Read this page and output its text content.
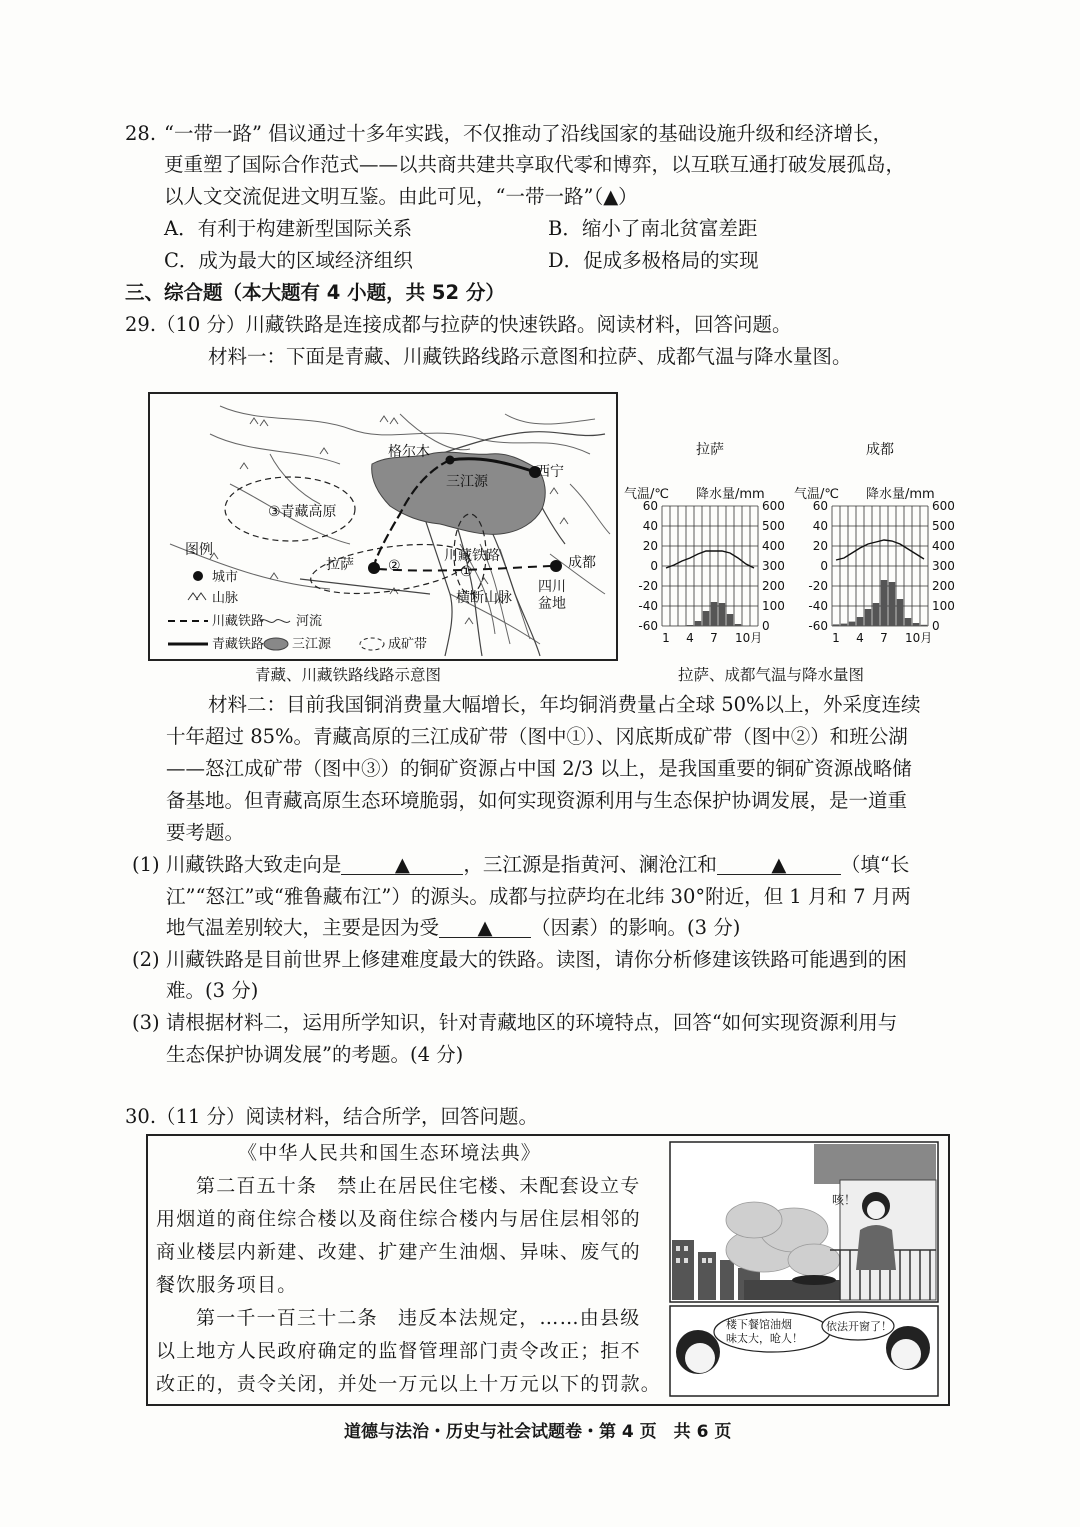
28. “一带一路” 倡议通过十多年实践，不仅推动了沿线国家的基础设施升级和经济增长，
更重塑了国际合作范式——以共商共建共享取代零和博弈，以互联互通打破发展孤岛，
以人文交流促进文明互鉴。由此可见，“一带一路”（▲）
A．有利于构建新型国际关系	B．缩小了南北贫富差距
C．成为最大的区域经济组织	D．促成多极格局的实现
三、综合题（本大题有 4 小题，共 52 分）
29.（10 分）川藏铁路是连接成都与拉萨的快速铁路。阅读材料，回答问题。
材料一：下面是青藏、川藏铁路线路示意图和拉萨、成都气温与降水量图。
格尔木
西宁
三江源
③青藏高原
拉萨 ②
川藏铁路
①
横断山脉
成都
四川
盆地
图例
城市
山脉
川藏铁路 河流
青藏铁路 三江源	成矿带
青藏、川藏铁路线路示意图
拉萨
气温/℃ 降水量/mm
60	600
40	500
20	400
0	300
-20	200
-40	100
-60	0
1 4 7 10月
成都
气温/℃ 降水量/mm
60	600
40	500
20	400
0	300
-20	200
-40	100
-60	0
1 4 7 10月
拉萨、成都气温与降水量图
材料二：目前我国铜消费量大幅增长，年均铜消费量占全球 50%以上，外采度连续
十年超过 85%。青藏高原的三江成矿带（图中①）、冈底斯成矿带（图中②）和班公湖
——怒江成矿带（图中③）的铜矿资源占中国 2/3 以上，是我国重要的铜矿资源战略储
备基地。但青藏高原生态环境脆弱，如何实现资源利用与生态保护协调发展，是一道重
要考题。
(1) 川藏铁路大致走向是	▲	，三江源是指黄河、澜沧江和	▲	（填“长
江”“怒江”或“雅鲁藏布江”）的源头。成都与拉萨均在北纬 30°附近，但 1 月和 7 月两
地气温差别较大，主要是因为受 ▲ （因素）的影响。(3 分)
(2) 川藏铁路是目前世界上修建难度最大的铁路。读图，请你分析修建该铁路可能遇到的困
难。(3 分)
(3) 请根据材料二，运用所学知识，针对青藏地区的环境特点，回答“如何实现资源利用与
生态保护协调发展”的考题。(4 分)
30.（11 分）阅读材料，结合所学，回答问题。
《中华人民共和国生态环境法典》
第二百五十条　禁止在居民住宅楼、未配套设立专
用烟道的商住综合楼以及商住综合楼内与居住层相邻的
商业楼层内新建、改建、扩建产生油烟、异味、废气的
餐饮服务项目。
第一千一百三十二条　违反本法规定，……由县级
以上地方人民政府确定的监督管理部门责令改正；拒不
改正的，责令关闭，并处一万元以上十万元以下的罚款。
咳！
楼下餐馆油烟
味太大，呛人！
依法开窗了！
道德与法治・历史与社会试题卷・第 4 页　共 6 页
